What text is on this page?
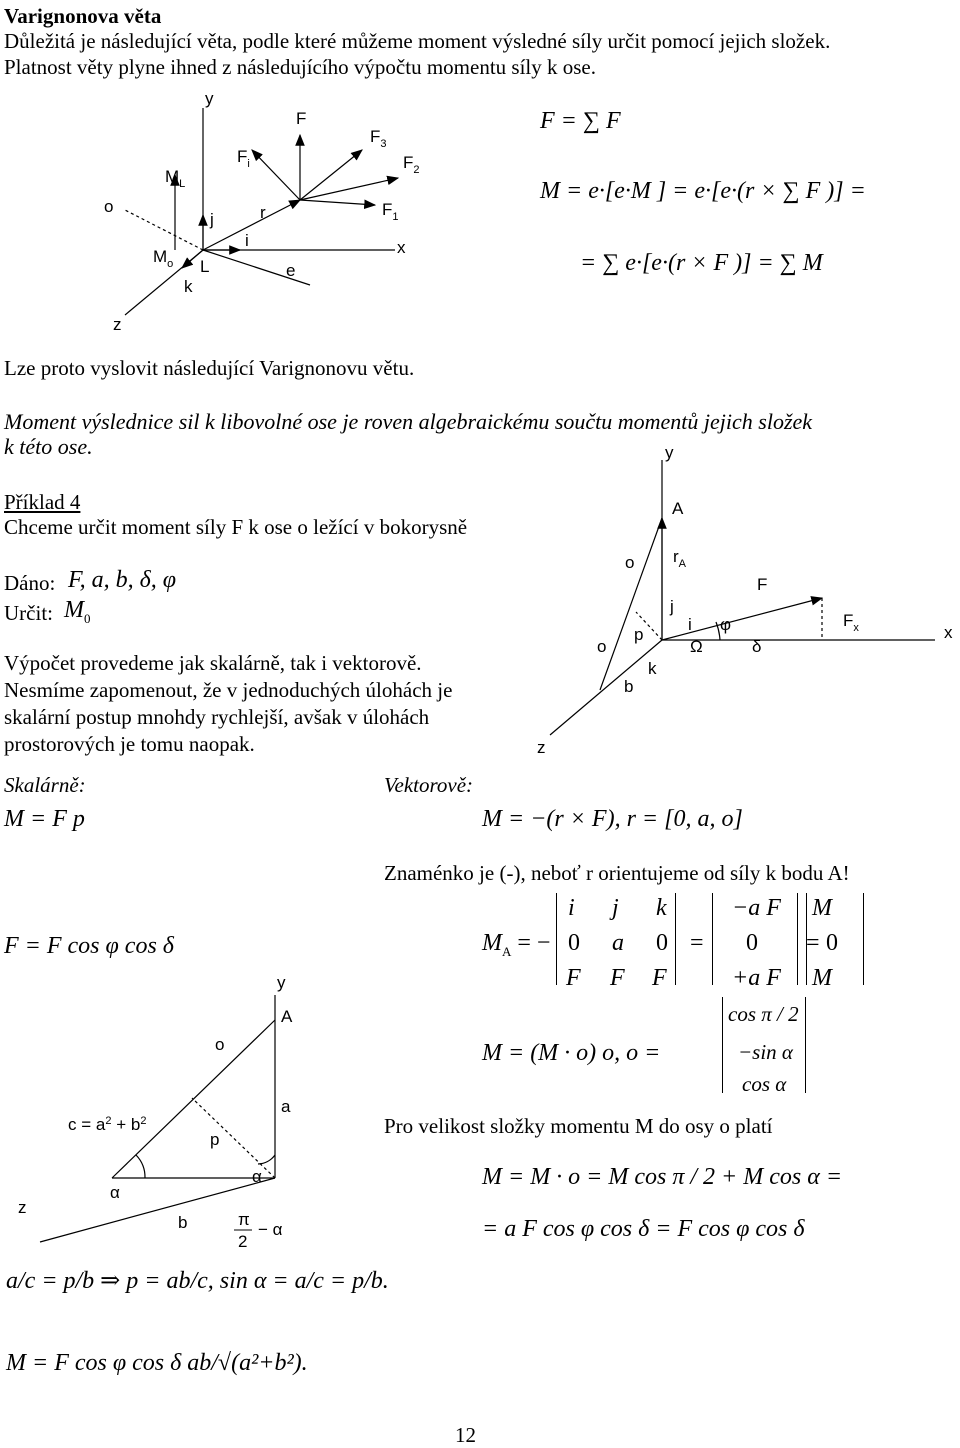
Varignonova věta
Důležitá je následující věta, podle které můžeme moment výsledné síly určit pomocí jejich složek.
Platnost věty plyne ihned z následujícího výpočtu momentu síly k ose.
Lze proto vyslovit následující Varignonovu větu.
Moment výslednice sil k libovolné ose je roven algebraickému součtu momentů jejich složek
k této ose.
Příklad 4
Chceme určit moment síly F k ose o ležící v bokorysně
Dáno: F, a, b, δ, φ
Určit: $M_0$
Výpočet provedeme jak skalárně, tak i vektorově.
Nesmíme zapomenout, že v jednoduchých úlohách je
skalární postup mnohdy rychlejší, avšak v úlohách
prostorových je tomu naopak.
Skalárně:
M = F p
F = F cos φ cos δ
Vektorově:
M = −(r × F), r = [0, a, o]
Znaménko je (-), neboť r orientujeme od síly k bodu A!
M = (M · o) o, o =
Pro velikost složky momentu M do osy o platí
M = M · o = M cos π / 2 + M cos α =
= a F cos φ cos δ = F cos φ cos δ
a/c = p/b ⇒ p = ab/c, sin α = a/c = p/b.
M = F cos φ cos δ ab/√(a²+b²).
12
F = ∑ F
M = e·[e·M ] = e·[e·(r × ∑ F )] =
= ∑ e·[e·(r × F )] = ∑ M
$M_A$ = −
i j k
0 a 0
F F F
=
−a F
0
+a F
=
M
0
M
cos π / 2
−sin α
cos α
y
z
x
o
F
$F_3$
$F_2$
$F_1$
$F_i$
$M_L$
$M_o$ L
i
j
k
r
e
y
A
o $r_A$
F
$F_x$	x
j
i φ
δ
o
p
Ω
k
b
z
y
A
o
a
$c = a^2 + b^2$
p
α
α
b
z
π
2
− α
